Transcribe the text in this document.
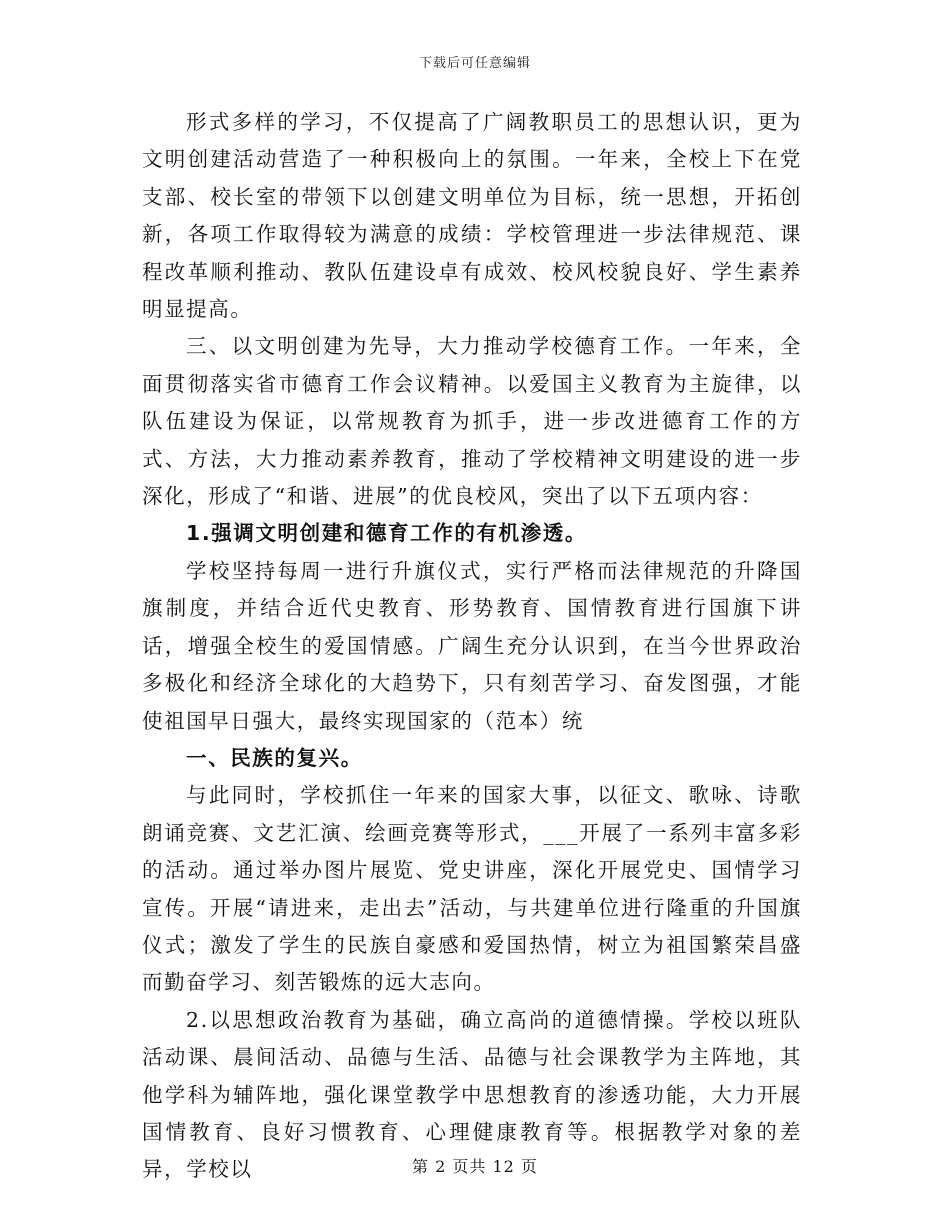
下载后可任意编辑

形式多样的学习，不仅提高了广阔教职员工的思想认识，更为文明创建活动营造了一种积极向上的氛围。一年来，全校上下在党支部、校长室的带领下以创建文明单位为目标，统一思想，开拓创新，各项工作取得较为满意的成绩：学校管理进一步法律规范、课程改革顺利推动、教队伍建设卓有成效、校风校貌良好、学生素养明显提高。

三、以文明创建为先导，大力推动学校德育工作。一年来，全面贯彻落实省市德育工作会议精神。以爱国主义教育为主旋律，以队伍建设为保证，以常规教育为抓手，进一步改进德育工作的方式、方法，大力推动素养教育，推动了学校精神文明建设的进一步深化，形成了“和谐、进展”的优良校风，突出了以下五项内容：

1.强调文明创建和德育工作的有机渗透。

学校坚持每周一进行升旗仪式，实行严格而法律规范的升降国旗制度，并结合近代史教育、形势教育、国情教育进行国旗下讲话，增强全校生的爱国情感。广阔生充分认识到，在当今世界政治多极化和经济全球化的大趋势下，只有刻苦学习、奋发图强，才能使祖国早日强大，最终实现国家的（范本）统

一、民族的复兴。

与此同时，学校抓住一年来的国家大事，以征文、歌咏、诗歌朗诵竞赛、文艺汇演、绘画竞赛等形式，___开展了一系列丰富多彩的活动。通过举办图片展览、党史讲座，深化开展党史、国情学习宣传。开展“请进来，走出去”活动，与共建单位进行隆重的升国旗仪式；激发了学生的民族自豪感和爱国热情，树立为祖国繁荣昌盛而勤奋学习、刻苦锻炼的远大志向。

2.以思想政治教育为基础，确立高尚的道德情操。学校以班队活动课、晨间活动、品德与生活、品德与社会课教学为主阵地，其他学科为辅阵地，强化课堂教学中思想教育的渗透功能，大力开展国情教育、良好习惯教育、心理健康教育等。根据教学对象的差异，学校以	第 2 页共 12 页
